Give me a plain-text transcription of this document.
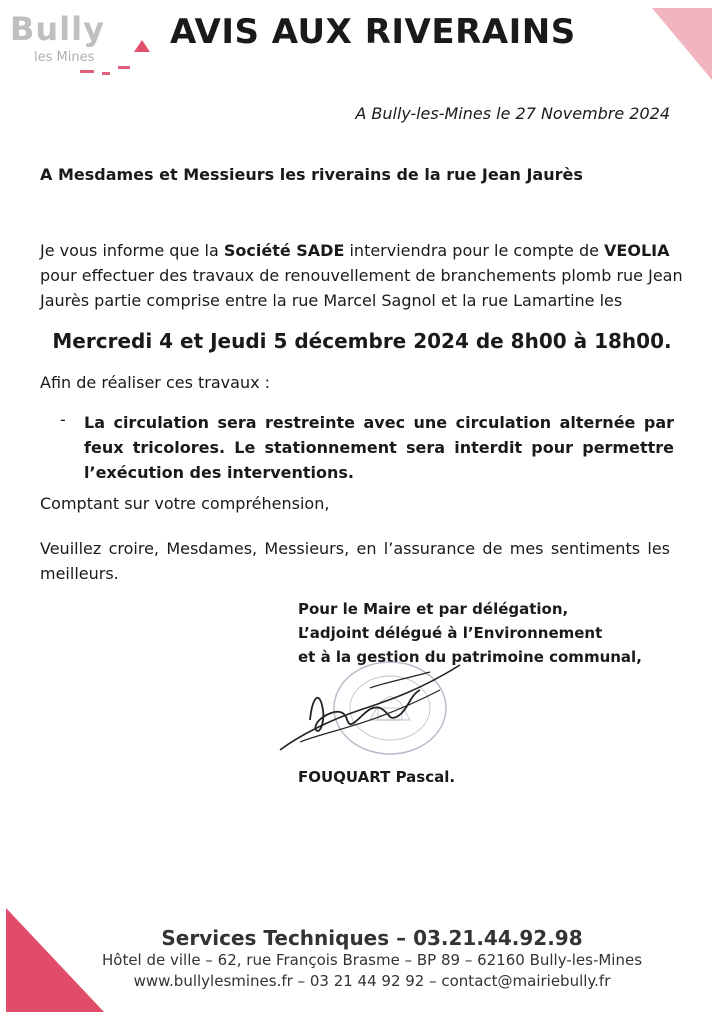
Bully
les Mines
AVIS AUX RIVERAINS
A Bully-les-Mines le 27 Novembre 2024
A Mesdames et Messieurs les riverains de la rue Jean Jaurès
Je vous informe que la Société SADE interviendra pour le compte de VEOLIA pour effectuer des travaux de renouvellement de branchements plomb rue Jean Jaurès partie comprise entre la rue Marcel Sagnol et la rue Lamartine les
Mercredi 4 et Jeudi 5 décembre 2024 de 8h00 à 18h00.
Afin de réaliser ces travaux :
- La circulation sera restreinte avec une circulation alternée par feux tricolores. Le stationnement sera interdit pour permettre l’exécution des interventions.
Comptant sur votre compréhension,
Veuillez croire, Mesdames, Messieurs, en l’assurance de mes sentiments les meilleurs.
Pour le Maire et par délégation,
L’adjoint délégué à l’Environnement
et à la gestion du patrimoine communal,
FOUQUART Pascal.
Services Techniques – 03.21.44.92.98
Hôtel de ville – 62, rue François Brasme – BP 89 – 62160 Bully-les-Mines
www.bullylesmines.fr – 03 21 44 92 92 – contact@mairiebully.fr
